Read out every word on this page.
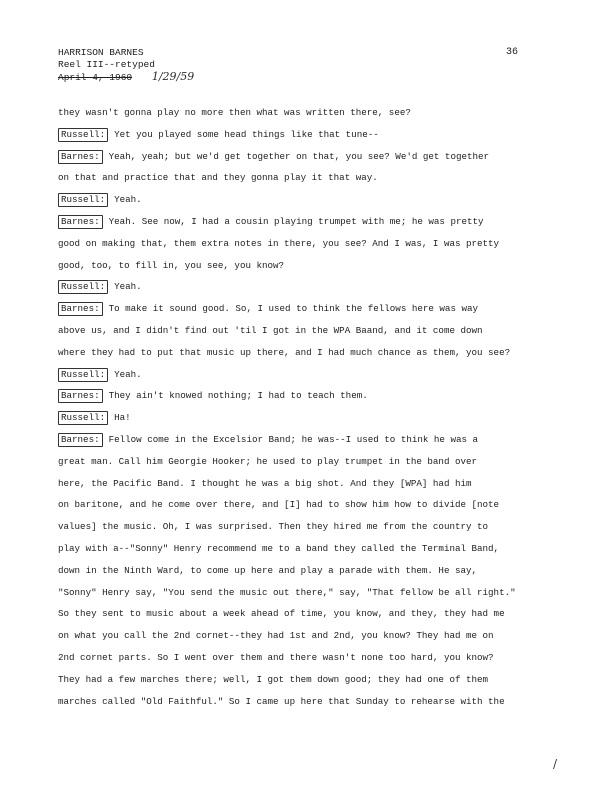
HARRISON BARNES
Reel III--retyped
April 4, 1960 1/29/59
36
they wasn't gonna play no more then what was written there, see?
Russell: Yet you played some head things like that tune--
Barnes: Yeah, yeah; but we'd get together on that, you see? We'd get together
on that and practice that and they gonna play it that way.
Russell: Yeah.
Barnes: Yeah. See now, I had a cousin playing trumpet with me; he was pretty
good on making that, them extra notes in there, you see? And I was, I was pretty
good, too, to fill in, you see, you know?
Russell: Yeah.
Barnes: To make it sound good. So, I used to think the fellows here was way
above us, and I didn't find out 'til I got in the WPA Baand, and it come down
where they had to put that music up there, and I had much chance as them, you see?
Russell: Yeah.
Barnes: They ain't knowed nothing; I had to teach them.
Russell: Ha!
Barnes: Fellow come in the Excelsior Band; he was--I used to think he was a
great man. Call him Georgie Hooker; he used to play trumpet in the band over
here, the Pacific Band. I thought he was a big shot. And they [WPA] had him
on baritone, and he come over there, and [I] had to show him how to divide [note
values] the music. Oh, I was surprised. Then they hired me from the country to
play with a--"Sonny" Henry recommend me to a band they called the Terminal Band,
down in the Ninth Ward, to come up here and play a parade with them. He say,
"Sonny" Henry say, "You send the music out there," say, "That fellow be all right."
So they sent to music about a week ahead of time, you know, and they, they had me
on what you call the 2nd cornet--they had 1st and 2nd, you know? They had me on
2nd cornet parts. So I went over them and there wasn't none too hard, you know?
They had a few marches there; well, I got them down good; they had one of them
marches called "Old Faithful." So I came up here that Sunday to rehearse with the
/
